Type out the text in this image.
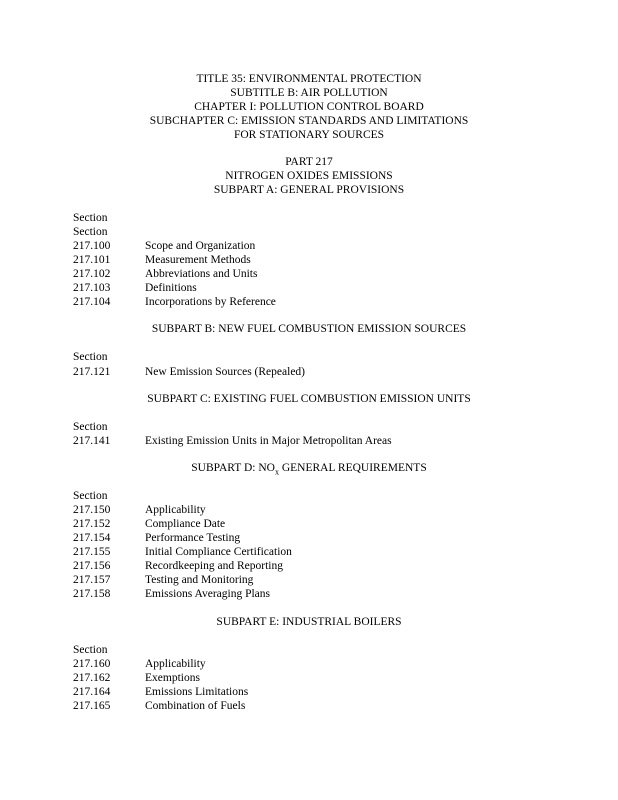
TITLE 35: ENVIRONMENTAL PROTECTION
SUBTITLE B: AIR POLLUTION
CHAPTER I: POLLUTION CONTROL BOARD
SUBCHAPTER C: EMISSION STANDARDS AND LIMITATIONS
FOR STATIONARY SOURCES
PART 217
NITROGEN OXIDES EMISSIONS
SUBPART A: GENERAL PROVISIONS
Section
Section
217.100	Scope and Organization
217.101	Measurement Methods
217.102	Abbreviations and Units
217.103	Definitions
217.104	Incorporations by Reference
SUBPART B: NEW FUEL COMBUSTION EMISSION SOURCES
Section
217.121	New Emission Sources (Repealed)
SUBPART C: EXISTING FUEL COMBUSTION EMISSION UNITS
Section
217.141	Existing Emission Units in Major Metropolitan Areas
SUBPART D: $NO_x$ GENERAL REQUIREMENTS
Section
217.150	Applicability
217.152	Compliance Date
217.154	Performance Testing
217.155	Initial Compliance Certification
217.156	Recordkeeping and Reporting
217.157	Testing and Monitoring
217.158	Emissions Averaging Plans
SUBPART E: INDUSTRIAL BOILERS
Section
217.160	Applicability
217.162	Exemptions
217.164	Emissions Limitations
217.165	Combination of Fuels
